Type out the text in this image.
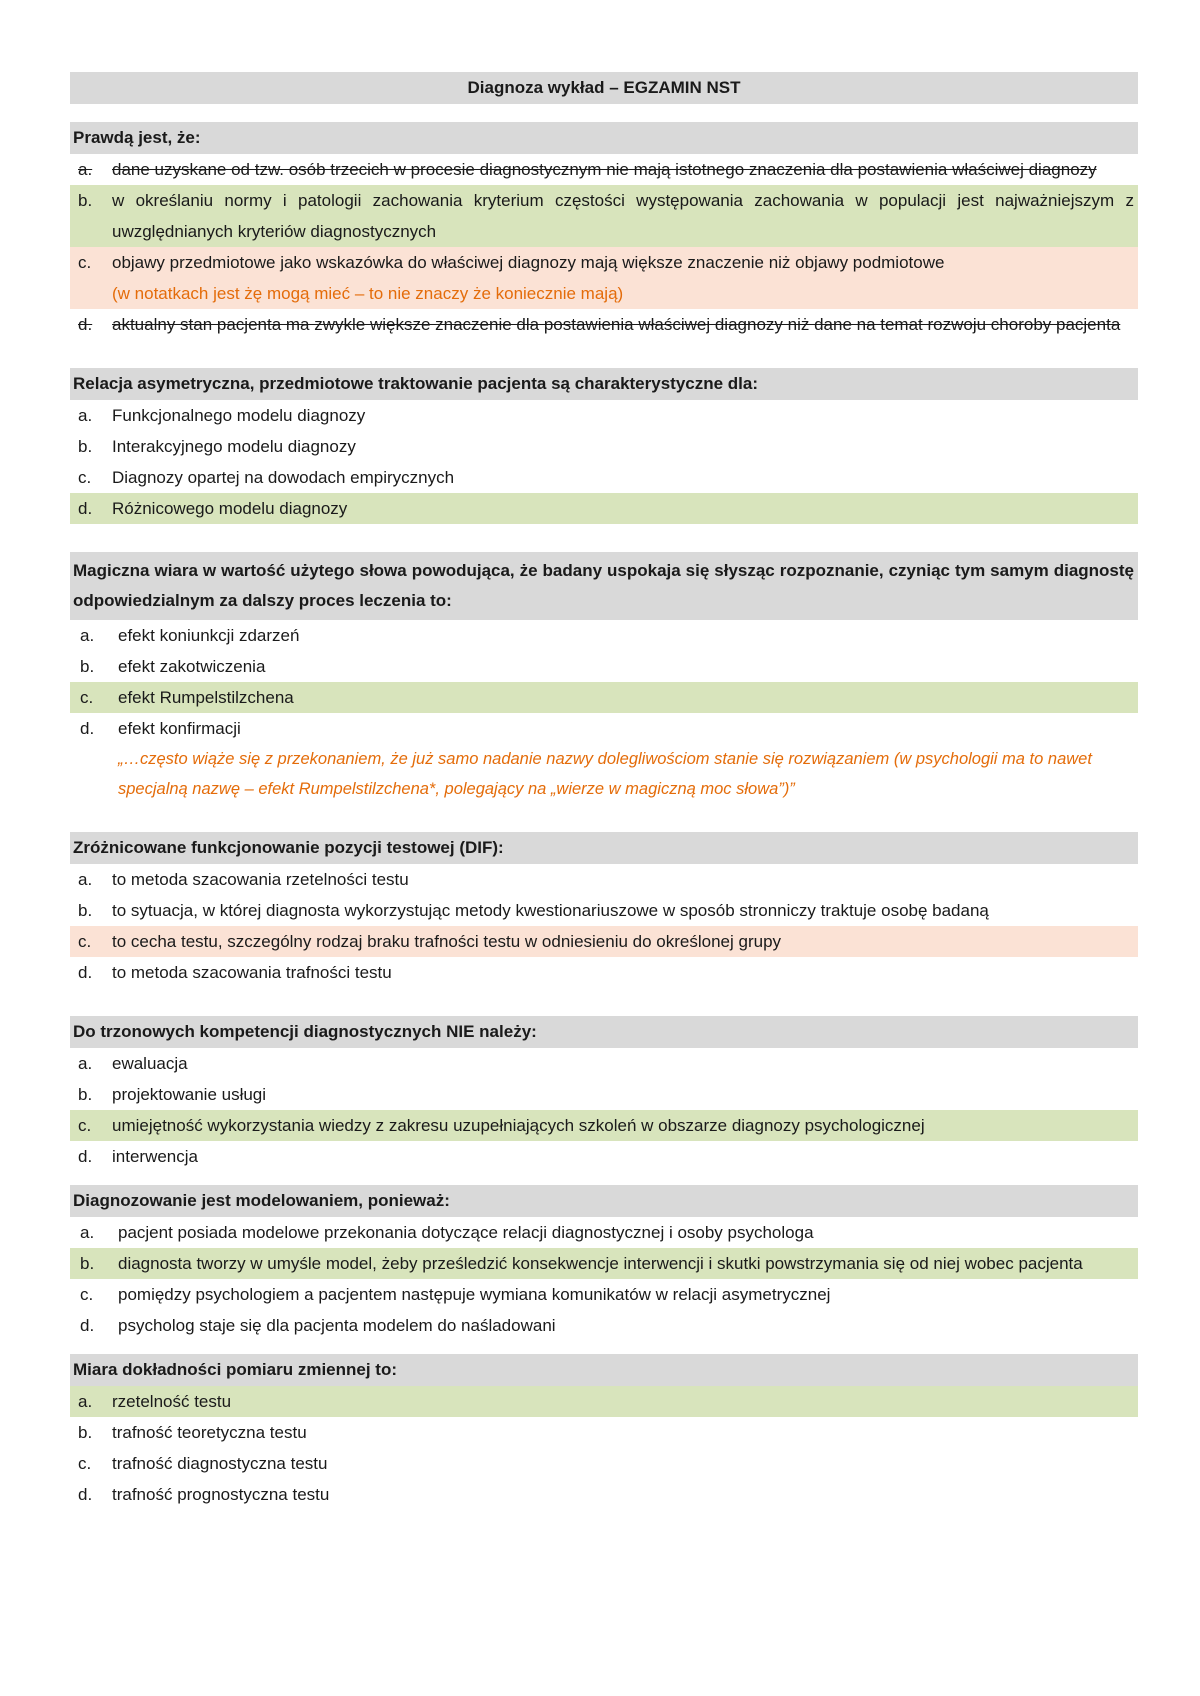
Diagnoza wykład – EGZAMIN NST
Prawdą jest, że:
a.	dane uzyskane od tzw. osób trzecich w procesie diagnostycznym nie mają istotnego znaczenia dla postawienia właściwej diagnozy
b.	w określaniu normy i patologii zachowania kryterium częstości występowania zachowania w populacji jest najważniejszym z uwzględnianych kryteriów diagnostycznych
c.	objawy przedmiotowe jako wskazówka do właściwej diagnozy mają większe znaczenie niż objawy podmiotowe
(w notatkach jest żę mogą mieć – to nie znaczy że koniecznie mają)
d.	aktualny stan pacjenta ma zwykle większe znaczenie dla postawienia właściwej diagnozy niż dane na temat rozwoju choroby pacjenta
Relacja asymetryczna, przedmiotowe traktowanie pacjenta są charakterystyczne dla:
a.	Funkcjonalnego modelu diagnozy
b.	Interakcyjnego modelu diagnozy
c.	Diagnozy opartej na dowodach empirycznych
d.	Różnicowego modelu diagnozy
Magiczna wiara w wartość użytego słowa powodująca, że badany uspokaja się słysząc rozpoznanie, czyniąc tym samym diagnostę odpowiedzialnym za dalszy proces leczenia to:
a.	efekt koniunkcji zdarzeń
b.	efekt zakotwiczenia
c.	efekt Rumpelstilzchena
d.	efekt konfirmacji
„…często wiąże się z przekonaniem, że już samo nadanie nazwy dolegliwościom stanie się rozwiązaniem (w psychologii ma to nawet specjalną nazwę – efekt Rumpelstilzchena*, polegający na „wierze w magiczną moc słowa”)”
Zróżnicowane funkcjonowanie pozycji testowej (DIF):
a.	to metoda szacowania rzetelności testu
b.	to sytuacja, w której diagnosta wykorzystując metody kwestionariuszowe w sposób stronniczy traktuje osobę badaną
c.	to cecha testu, szczególny rodzaj braku trafności testu w odniesieniu do określonej grupy
d.	to metoda szacowania trafności testu
Do trzonowych kompetencji diagnostycznych NIE należy:
a.	ewaluacja
b.	projektowanie usługi
c.	umiejętność wykorzystania wiedzy z zakresu uzupełniających szkoleń w obszarze diagnozy psychologicznej
d.	interwencja
Diagnozowanie jest modelowaniem, ponieważ:
a.	pacjent posiada modelowe przekonania dotyczące relacji diagnostycznej i osoby psychologa
b.	diagnosta tworzy w umyśle model, żeby prześledzić konsekwencje interwencji i skutki powstrzymania się od niej wobec pacjenta
c.	pomiędzy psychologiem a pacjentem następuje wymiana komunikatów w relacji asymetrycznej
d.	psycholog staje się dla pacjenta modelem do naśladowani
Miara dokładności pomiaru zmiennej to:
a.	rzetelność testu
b.	trafność teoretyczna testu
c.	trafność diagnostyczna testu
d.	trafność prognostyczna testu
